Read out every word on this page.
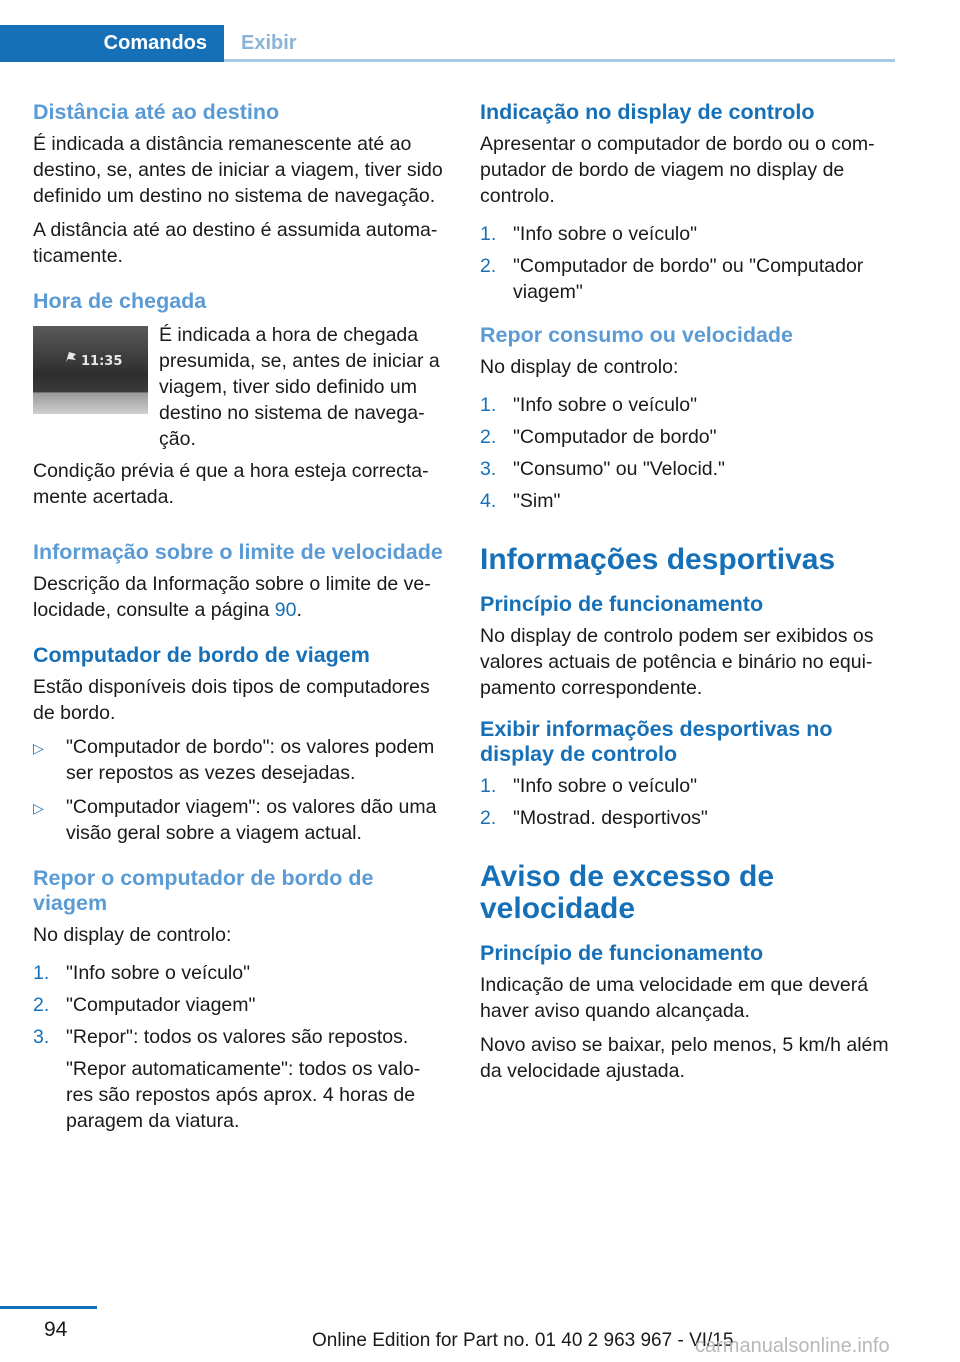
Comandos Exibir
Distância até ao destino

É indicada a distância remanescente até ao destino, se, antes de iniciar a viagem, tiver sido definido um destino no sistema de navegação.

A distância até ao destino é assumida automa‐ticamente.

Hora de chegada
11:35

É indicada a hora de chegada presumida, se, antes de iniciar a viagem, tiver sido definido um destino no sistema de navega‐ção.

Condição prévia é que a hora esteja correcta‐mente acertada.

Informação sobre o limite de velocidade

Descrição da Informação sobre o limite de ve‐locidade, consulte a página 90.

Computador de bordo de viagem

Estão disponíveis dois tipos de computadores de bordo.

▷	"Computador de bordo": os valores podem ser repostos as vezes desejadas.
▷	"Computador viagem": os valores dão uma visão geral sobre a viagem actual.
Repor o computador de bordo de viagem

No display de controlo:

1. "Info sobre o veículo"
2. "Computador viagem"
3. "Repor": todos os valores são repostos.

"Repor automaticamente": todos os valo‐res são repostos após aprox. 4 horas de paragem da viatura.

Indicação no display de controlo

Apresentar o computador de bordo ou o com‐putador de bordo de viagem no display de controlo.

1. "Info sobre o veículo"
2. "Computador de bordo" ou "Computador viagem"
Repor consumo ou velocidade

No display de controlo:

1. "Info sobre o veículo"
2. "Computador de bordo"
3. "Consumo" ou "Velocid."
4. "Sim"
Informações desportivas
Princípio de funcionamento

No display de controlo podem ser exibidos os valores actuais de potência e binário no equi‐pamento correspondente.

Exibir informações desportivas no display de controlo
1. "Info sobre o veículo"
2. "Mostrad. desportivos"
Aviso de excesso de velocidade
Princípio de funcionamento

Indicação de uma velocidade em que deverá haver aviso quando alcançada.

Novo aviso se baixar, pelo menos, 5 km/h além da velocidade ajustada.

94	Online Edition for Part no. 01 40 2 963 967 - VI/15
carmanualsonline.info
